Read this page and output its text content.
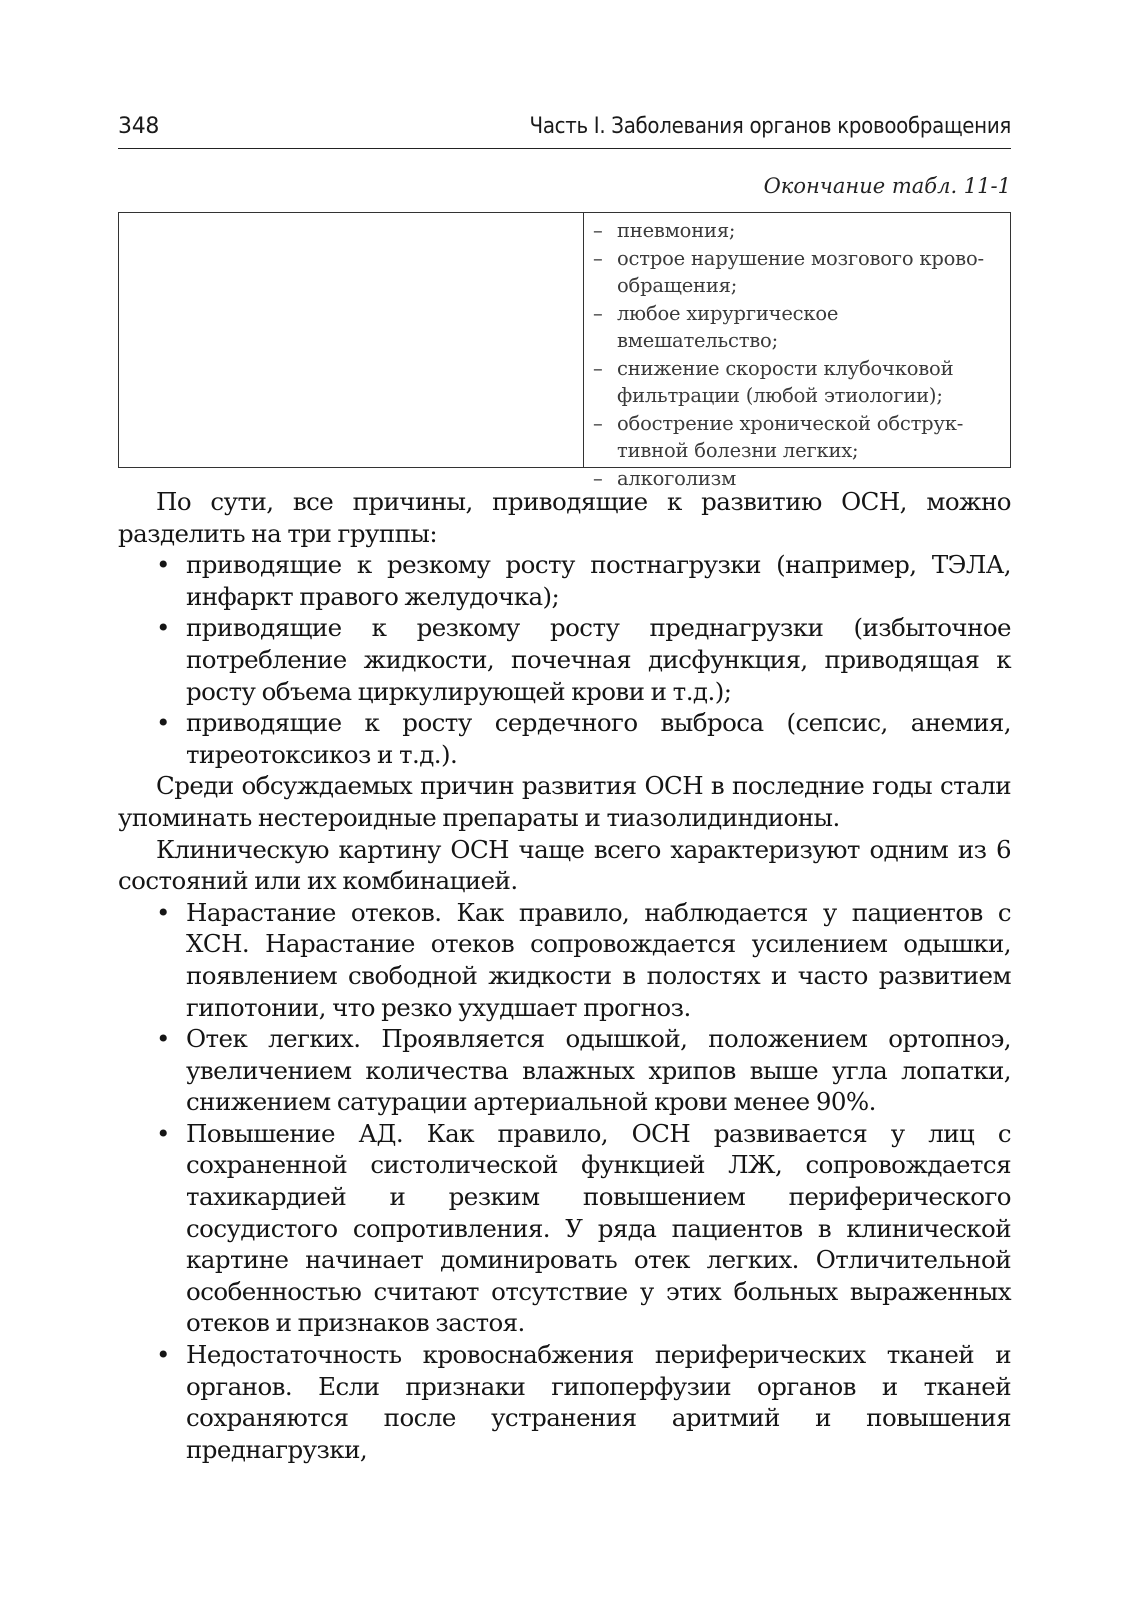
348	Часть I. Заболевания органов кровообращения
Окончание табл. 11-1
– пневмония;
– острое нарушение мозгового крово-обращения;
– любое хирургическое вмешательство;
– снижение скорости клубочковой фильтрации (любой этиологии);
– обострение хронической обструк-тивной болезни легких;
– алкоголизм

По сути, все причины, приводящие к развитию ОСН, можно разделить на три группы:

• приводящие к резкому росту постнагрузки (например, ТЭЛА, инфаркт правого желудочка);
• приводящие к резкому росту преднагрузки (избыточное потребление жидкости, почечная дисфункция, приводящая к росту объема циркулирующей крови и т.д.);
• приводящие к росту сердечного выброса (сепсис, анемия, тиреотоксикоз и т.д.).

Среди обсуждаемых причин развития ОСН в последние годы стали упоминать нестероидные препараты и тиазолидиндионы.

Клиническую картину ОСН чаще всего характеризуют одним из 6 состояний или их комбинацией.

• Нарастание отеков. Как правило, наблюдается у пациентов с ХСН. Нарастание отеков сопровождается усилением одышки, появлением свободной жидкости в полостях и часто развитием гипотонии, что резко ухудшает прогноз.
• Отек легких. Проявляется одышкой, положением ортопноэ, увеличением количества влажных хрипов выше угла лопатки, снижением сатурации артериальной крови менее 90%.
• Повышение АД. Как правило, ОСН развивается у лиц с сохраненной систолической функцией ЛЖ, сопровождается тахикардией и резким повышением периферического сосудистого сопротивления. У ряда пациентов в клинической картине начинает доминировать отек легких. Отличительной особенностью считают отсутствие у этих больных выраженных отеков и признаков застоя.
• Недостаточность кровоснабжения периферических тканей и органов. Если признаки гипоперфузии органов и тканей сохраняются после устранения аритмий и повышения преднагрузки,
